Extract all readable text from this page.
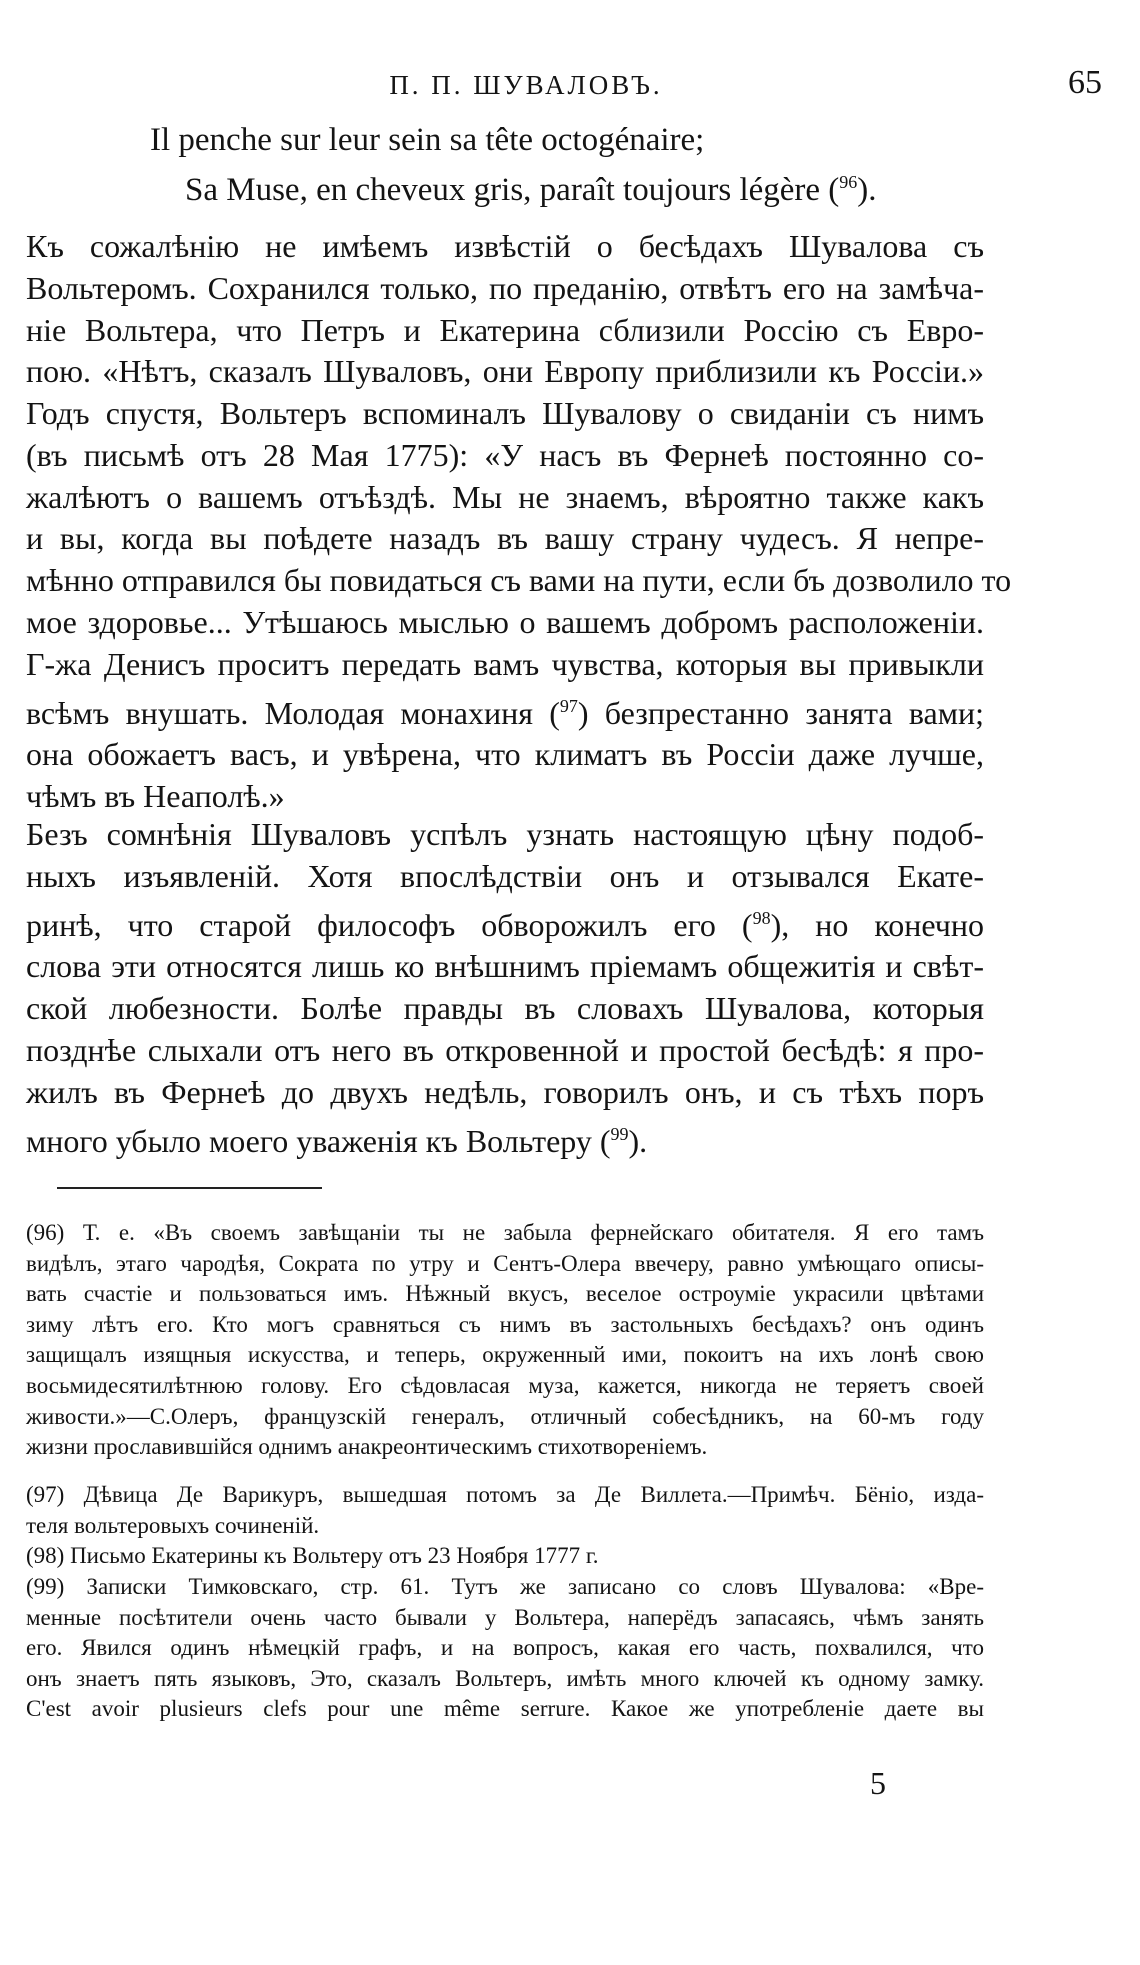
П. П. ШУВАЛОВЪ.	65
Il penche sur leur sein sa tête octogénaire;
Sa Muse, en cheveux gris, paraît toujours légère ($^{96}$).
Къ сожалѣнію не имѣемъ извѣстій о бесѣдахъ Шувалова съ
Вольтеромъ. Сохранился только, по преданію, отвѣтъ его на замѣча-
ніе Вольтера, что Петръ и Екатерина сблизили Россію съ Евро-
пою. «Нѣтъ, сказалъ Шуваловъ, они Европу приблизили къ Россіи.»
Годъ спустя, Вольтеръ вспоминалъ Шувалову о свиданіи съ нимъ
(въ письмѣ отъ 28 Мая 1775): «У насъ въ Фернеѣ постоянно со-
жалѣютъ о вашемъ отъѣздѣ. Мы не знаемъ, вѣроятно также какъ
и вы, когда вы поѣдете назадъ въ вашу страну чудесъ. Я непре-
мѣнно отправился бы повидаться съ вами на пути, если бъ дозволило то
мое здоровье... Утѣшаюсь мыслью о вашемъ добромъ расположеніи.
Г-жа Денисъ проситъ передать вамъ чувства, которыя вы привыкли
всѣмъ внушать. Молодая монахиня ($^{97}$) безпрестанно занята вами;
она обожаетъ васъ, и увѣрена, что климатъ въ Россіи даже лучше,
чѣмъ въ Неаполѣ.»
Безъ сомнѣнія Шуваловъ успѣлъ узнать настоящую цѣну подоб-
ныхъ изъявленій. Хотя впослѣдствіи онъ и отзывался Екате-
ринѣ, что старой философъ обворожилъ его ($^{98}$), но конечно
слова эти относятся лишь ко внѣшнимъ пріемамъ общежитія и свѣт-
ской любезности. Болѣе правды въ словахъ Шувалова, которыя
позднѣе слыхали отъ него въ откровенной и простой бесѣдѣ: я про-
жилъ въ Фернеѣ до двухъ недѣль, говорилъ онъ, и съ тѣхъ поръ
много убыло моего уваженія къ Вольтеру ($^{99}$).
(96) Т. е. «Въ своемъ завѣщаніи ты не забыла фернейскаго обитателя. Я его тамъ
видѣлъ, этаго чародѣя, Сократа по утру и Сентъ-Олера ввечеру, равно умѣющаго описы-
вать счастіе и пользоваться имъ. Нѣжный вкусъ, веселое остроуміе украсили цвѣтами
зиму лѣтъ его. Кто могъ сравняться съ нимъ въ застольныхъ бесѣдахъ? онъ одинъ
защищалъ изящныя искусства, и теперь, окруженный ими, покоитъ на ихъ лонѣ свою
восьмидесятилѣтнюю голову. Его сѣдовласая муза, кажется, никогда не теряетъ своей
живости.»—С.Олеръ, французскій генералъ, отличный собесѣдникъ, на 60-мъ году
жизни прославившійся однимъ анакреонтическимъ стихотвореніемъ.
(97) Дѣвица Де Варикуръ, вышедшая потомъ за Де Виллета.—Примѣч. Бёнio, изда-
теля вольтеровыхъ сочиненій.
(98) Письмо Екатерины къ Вольтеру отъ 23 Ноября 1777 г.
(99) Записки Тимковскаго, стр. 61. Тутъ же записано со словъ Шувалова: «Вре-
менные посѣтители очень часто бывали у Вольтера, наперёдъ запасаясь, чѣмъ занять
его. Явился одинъ нѣмецкій графъ, и на вопросъ, какая его часть, похвалился, что
онъ знаетъ пять языковъ, Это, сказалъ Вольтеръ, имѣть много ключей къ одному замку.
C'est avoir plusieurs clefs pour une même serrure. Какое же употребленіе даете вы
5
